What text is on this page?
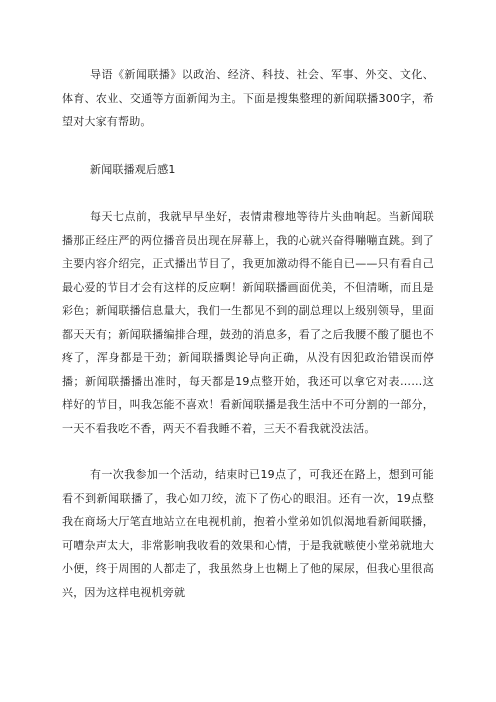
导语《新闻联播》以政治、经济、科技、社会、军事、外交、文化、体育、农业、交通等方面新闻为主。下面是搜集整理的新闻联播300字，希望对大家有帮助。

新闻联播观后感1

每天七点前，我就早早坐好，表情肃穆地等待片头曲响起。当新闻联播那正经庄严的两位播音员出现在屏幕上，我的心就兴奋得嘣嘣直跳。到了主要内容介绍完，正式播出节目了，我更加激动得不能自已——只有看自己最心爱的节目才会有这样的反应啊！新闻联播画面优美，不但清晰，而且是彩色；新闻联播信息量大，我们一生都见不到的副总理以上级别领导，里面都天天有；新闻联播编排合理，鼓劲的消息多，看了之后我腰不酸了腿也不疼了，浑身都是干劲；新闻联播舆论导向正确，从没有因犯政治错误而停播；新闻联播播出准时，每天都是19点整开始，我还可以拿它对表……这样好的节目，叫我怎能不喜欢！看新闻联播是我生活中不可分割的一部分，一天不看我吃不香，两天不看我睡不着，三天不看我就没法活。

有一次我参加一个活动，结束时已19点了，可我还在路上，想到可能看不到新闻联播了，我心如刀绞，流下了伤心的眼泪。还有一次，19点整我在商场大厅笔直地站立在电视机前，抱着小堂弟如饥似渴地看新闻联播，可嘈杂声太大，非常影响我收看的效果和心情，于是我就嗾使小堂弟就地大小便，终于周围的人都走了，我虽然身上也糊上了他的屎尿，但我心里很高兴，因为这样电视机旁就
